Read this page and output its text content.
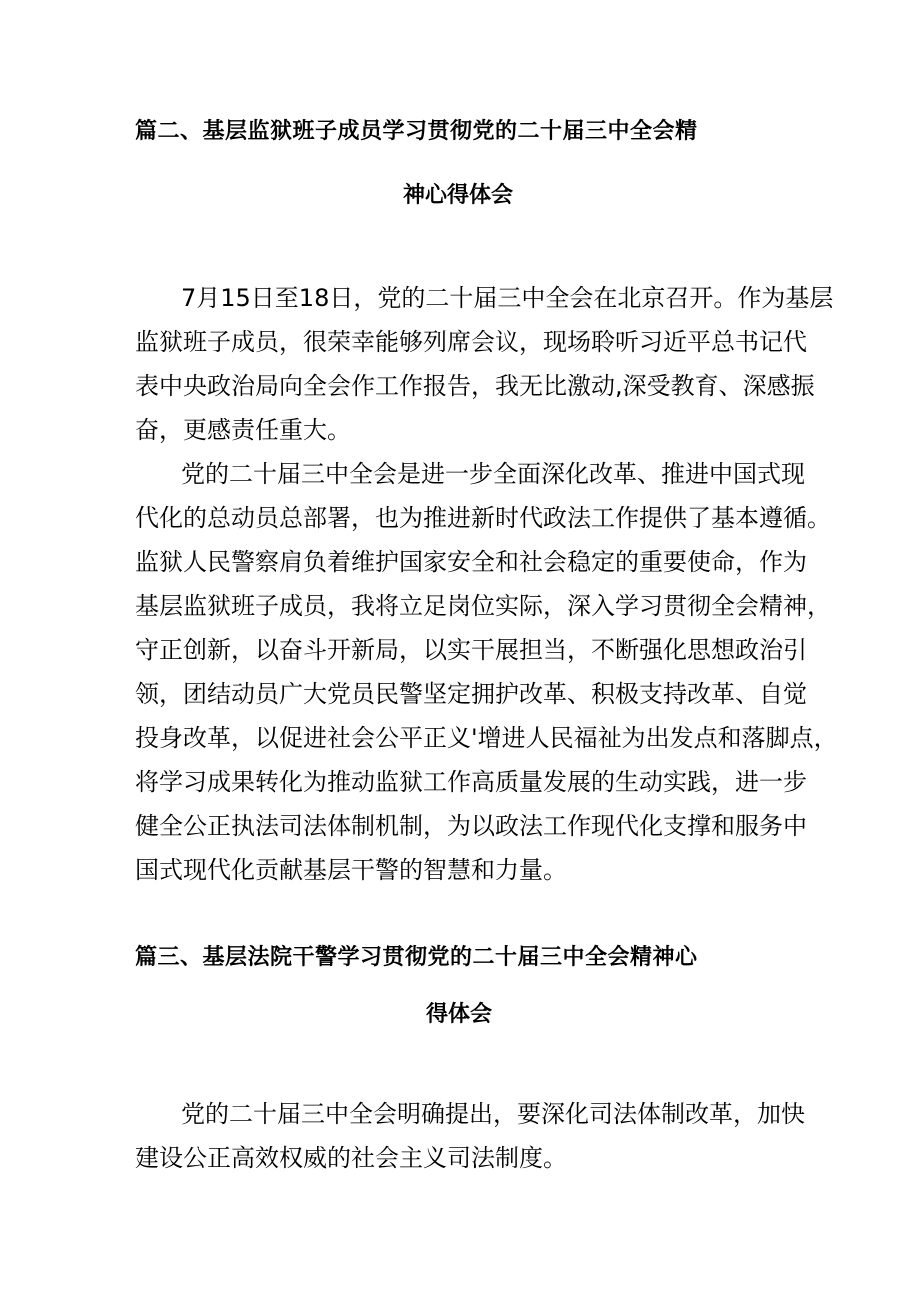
篇二、基层监狱班子成员学习贯彻党的二十届三中全会精
神心得体会
7月15日至18日，党的二十届三中全会在北京召开。作为基层
监狱班子成员，很荣幸能够列席会议，现场聆听习近平总书记代
表中央政治局向全会作工作报告，我无比激动,深受教育、深感振
奋，更感责任重大。
党的二十届三中全会是进一步全面深化改革、推进中国式现
代化的总动员总部署，也为推进新时代政法工作提供了基本遵循。
监狱人民警察肩负着维护国家安全和社会稳定的重要使命，作为
基层监狱班子成员，我将立足岗位实际，深入学习贯彻全会精神，
守正创新，以奋斗开新局，以实干展担当，不断强化思想政治引
领，团结动员广大党员民警坚定拥护改革、积极支持改革、自觉
投身改革，以促进社会公平正义'增进人民福祉为出发点和落脚点，
将学习成果转化为推动监狱工作高质量发展的生动实践，进一步
健全公正执法司法体制机制，为以政法工作现代化支撑和服务中
国式现代化贡献基层干警的智慧和力量。
篇三、基层法院干警学习贯彻党的二十届三中全会精神心
得体会
党的二十届三中全会明确提出，要深化司法体制改革，加快
建设公正高效权威的社会主义司法制度。
